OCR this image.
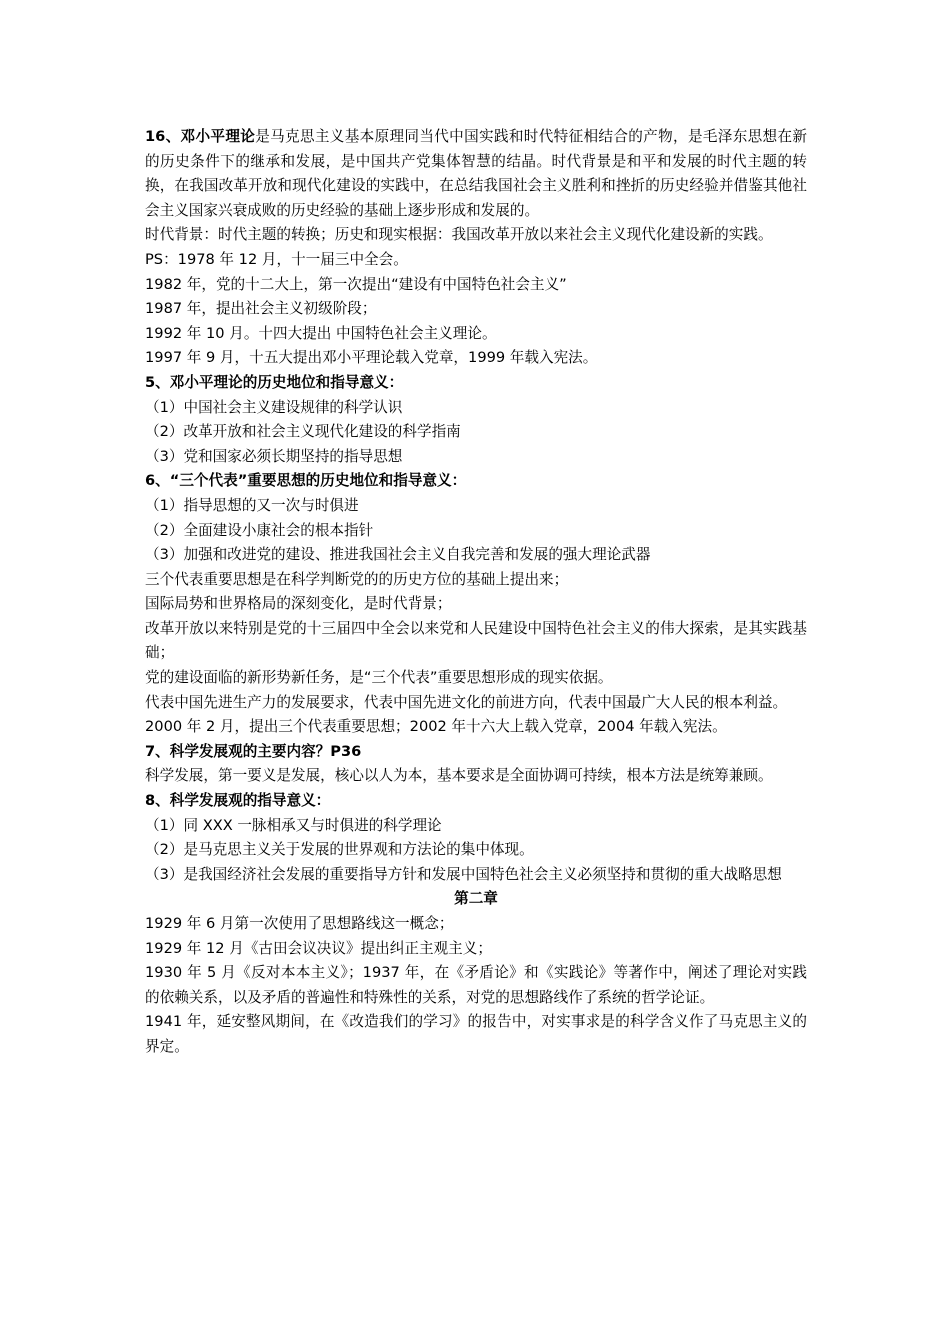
16、邓小平理论是马克思主义基本原理同当代中国实践和时代特征相结合的产物，是毛泽东思想在新的历史条件下的继承和发展，是中国共产党集体智慧的结晶。时代背景是和平和发展的时代主题的转换，在我国改革开放和现代化建设的实践中，在总结我国社会主义胜利和挫折的历史经验并借鉴其他社会主义国家兴衰成败的历史经验的基础上逐步形成和发展的。

时代背景：时代主题的转换；历史和现实根据：我国改革开放以来社会主义现代化建设新的实践。

PS：1978 年 12 月，十一届三中全会。

1982 年，党的十二大上，第一次提出“建设有中国特色社会主义”

1987 年，提出社会主义初级阶段；

1992 年 10 月。十四大提出 中国特色社会主义理论。

1997 年 9 月，十五大提出邓小平理论载入党章，1999 年载入宪法。

5、邓小平理论的历史地位和指导意义：

（1）中国社会主义建设规律的科学认识

（2）改革开放和社会主义现代化建设的科学指南

（3）党和国家必须长期坚持的指导思想

6、“三个代表”重要思想的历史地位和指导意义：

（1）指导思想的又一次与时俱进

（2）全面建设小康社会的根本指针

（3）加强和改进党的建设、推进我国社会主义自我完善和发展的强大理论武器

三个代表重要思想是在科学判断党的的历史方位的基础上提出来；

国际局势和世界格局的深刻变化，是时代背景；

改革开放以来特别是党的十三届四中全会以来党和人民建设中国特色社会主义的伟大探索，是其实践基础；

党的建设面临的新形势新任务，是“三个代表”重要思想形成的现实依据。

代表中国先进生产力的发展要求，代表中国先进文化的前进方向，代表中国最广大人民的根本利益。

2000 年 2 月，提出三个代表重要思想；2002 年十六大上载入党章，2004 年载入宪法。

7、科学发展观的主要内容？P36

科学发展，第一要义是发展，核心以人为本，基本要求是全面协调可持续，根本方法是统筹兼顾。

8、科学发展观的指导意义：

（1）同 XXX 一脉相承又与时俱进的科学理论

（2）是马克思主义关于发展的世界观和方法论的集中体现。

（3）是我国经济社会发展的重要指导方针和发展中国特色社会主义必须坚持和贯彻的重大战略思想

第二章

1929 年 6 月第一次使用了思想路线这一概念；

1929 年 12 月《古田会议决议》提出纠正主观主义；

1930 年 5 月《反对本本主义》；1937 年，在《矛盾论》和《实践论》等著作中，阐述了理论对实践的依赖关系，以及矛盾的普遍性和特殊性的关系，对党的思想路线作了系统的哲学论证。

1941 年，延安整风期间，在《改造我们的学习》的报告中，对实事求是的科学含义作了马克思主义的界定。
